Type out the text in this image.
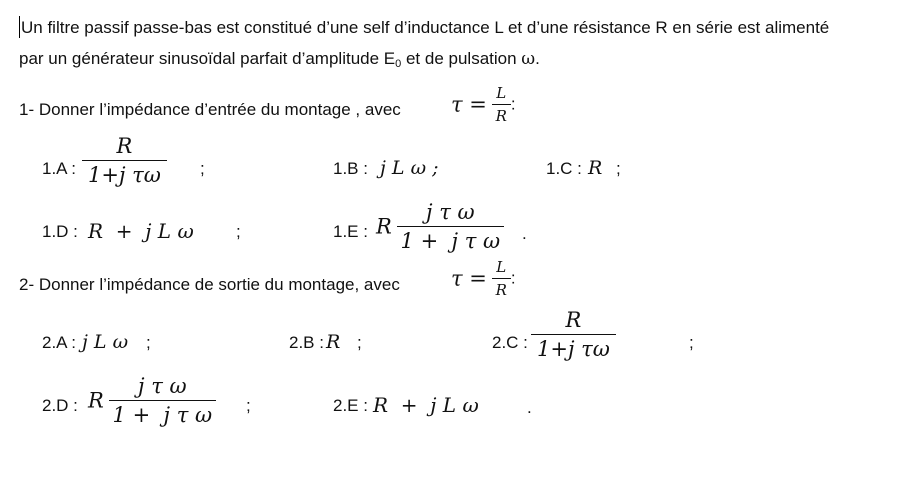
Un filtre passif passe-bas est constitué d’une self d’inductance L et d’une résistance R en série est alimenté
par un générateur sinusoïdal parfait d’amplitude $E_0$ et de pulsation ω.
1- Donner l’impédance d’entrée du montage , avec $\tau = \frac{L}{R}$ :
1.A : $\frac{R}{\text{1+j τω}}$ ;	1.B : j L ω ;	1.C : R ;
1.D : R  +  j L ω ;	1.E : R $\frac{\text{j τ ω}}{\text{1 +  j τ ω}}$ .
2- Donner l’impédance de sortie du montage, avec $\tau = \frac{L}{R}$ :
2.A : j L ω ;	2.B : R ;	2.C : $\frac{R}{\text{1+j τω}}$	;
2.D : R $\frac{\text{j τ ω}}{\text{1 +  j τ ω}}$ ;	2.E : R  +  j L ω	.
